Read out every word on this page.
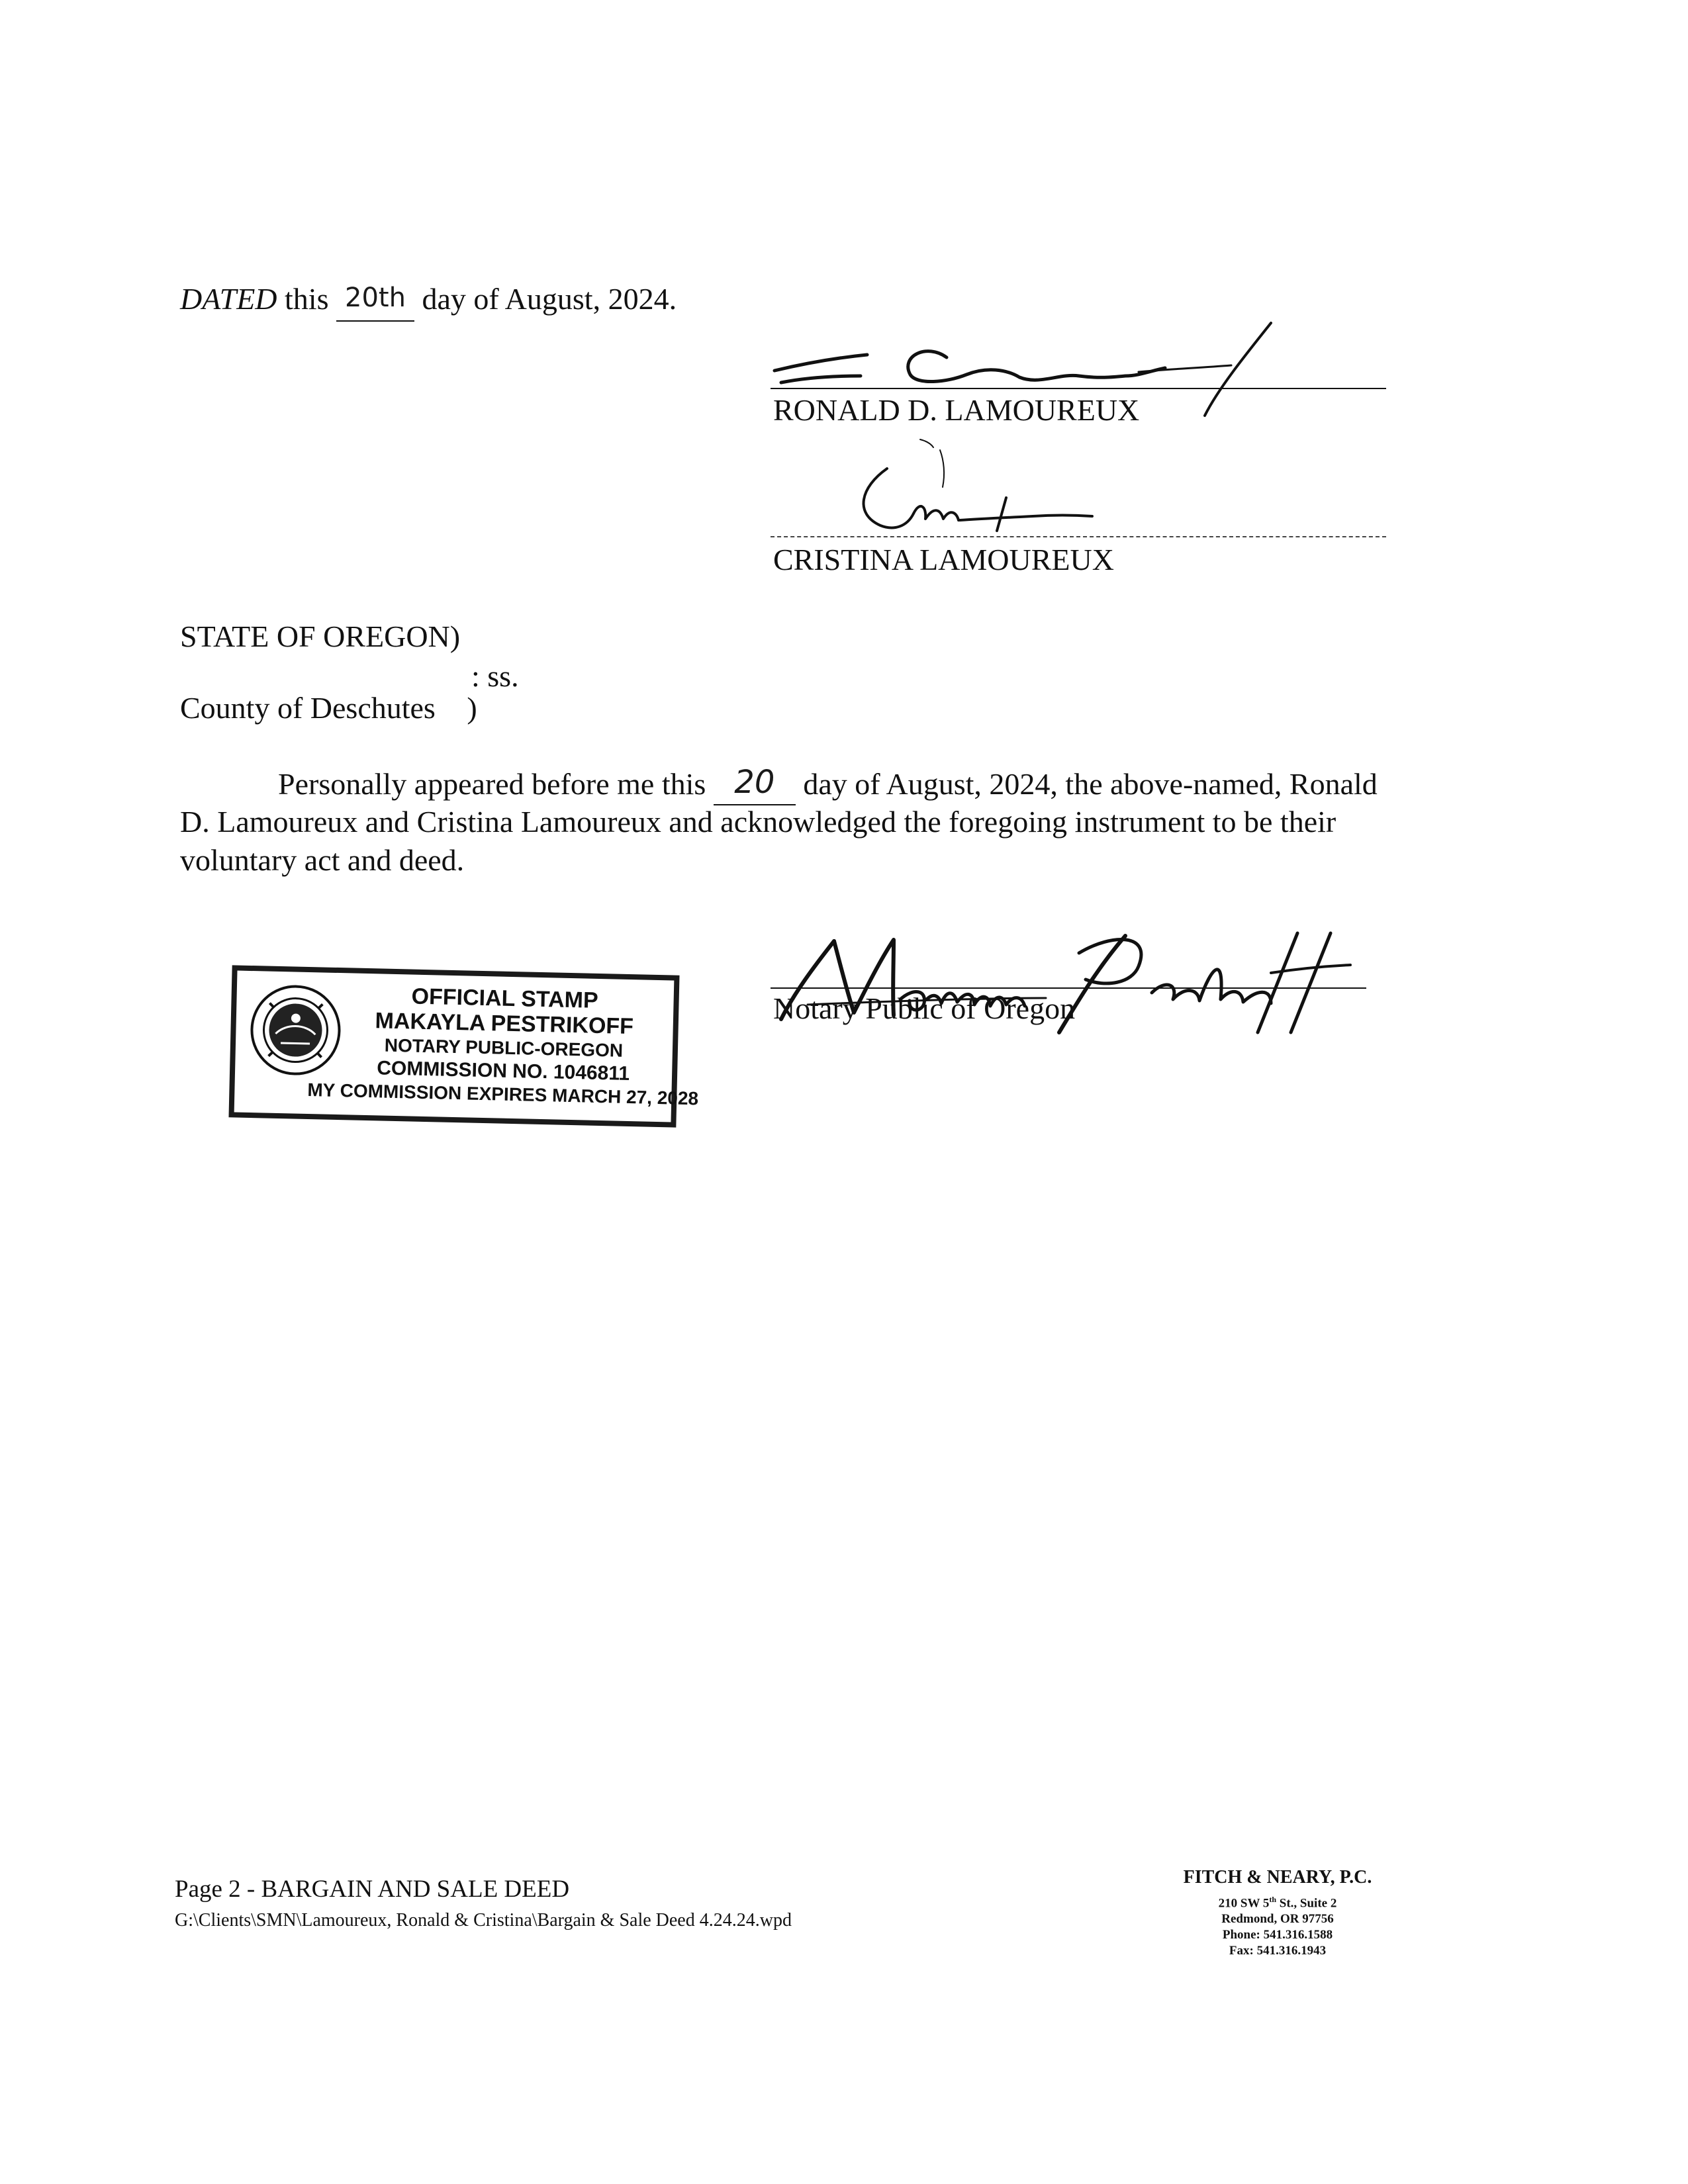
DATED this 20th day of August, 2024.
RONALD D. LAMOUREUX
CRISTINA LAMOUREUX
STATE OF OREGON)
: ss.
County of Deschutes )
Personally appeared before me this 20 day of August, 2024, the above-named, Ronald
D. Lamoureux and Cristina Lamoureux and acknowledged the foregoing instrument to be their
voluntary act and deed.
Notary Public of Oregon
OFFICIAL STAMP
MAKAYLA PESTRIKOFF
NOTARY PUBLIC-OREGON
COMMISSION NO. 1046811
MY COMMISSION EXPIRES MARCH 27, 2028
Page 2 - BARGAIN AND SALE DEED
G:\Clients\SMN\Lamoureux, Ronald & Cristina\Bargain & Sale Deed 4.24.24.wpd
FITCH & NEARY, P.C.
210 SW 5th St., Suite 2
Redmond, OR 97756
Phone: 541.316.1588
Fax: 541.316.1943
